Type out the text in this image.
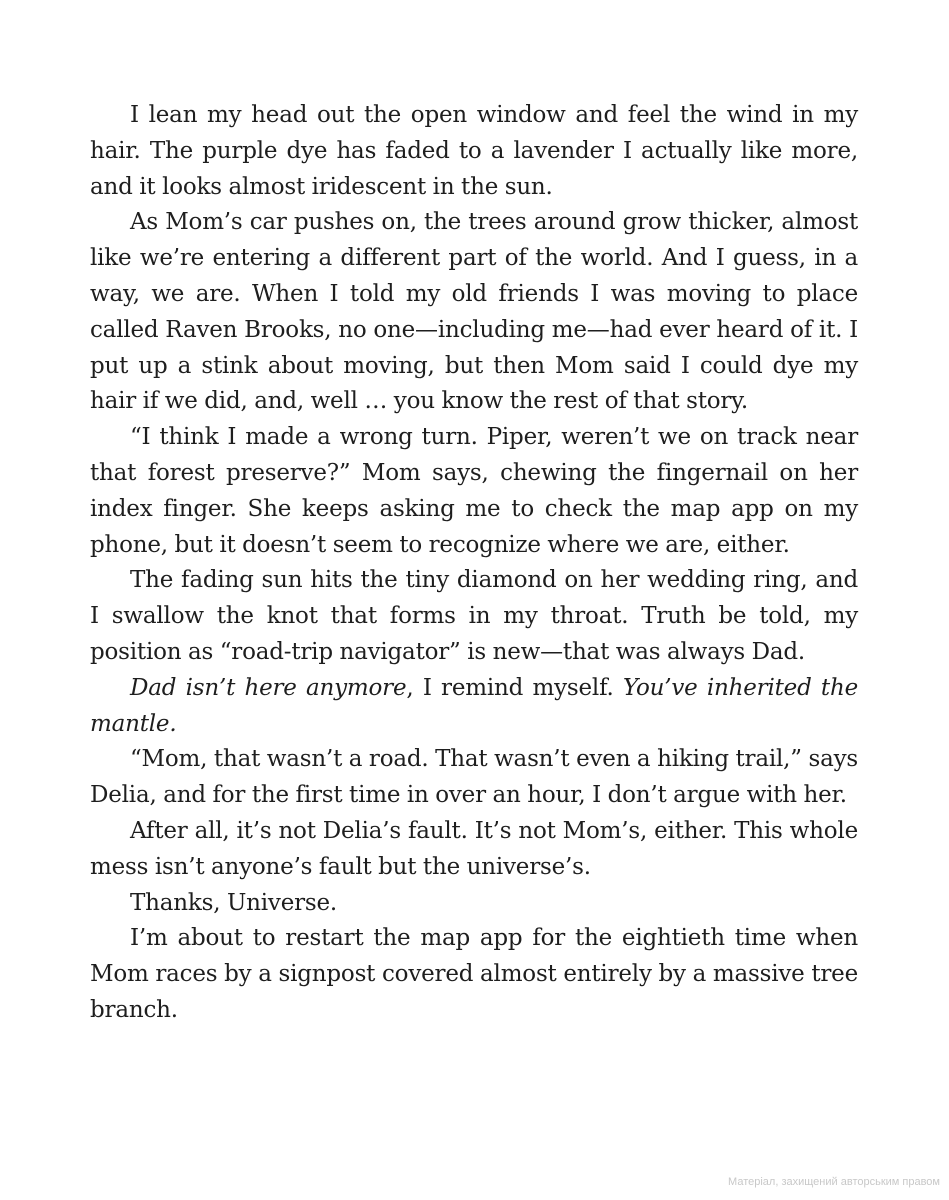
I lean my head out the open window and feel the wind in my hair. The purple dye has faded to a lavender I actually like more, and it looks almost iridescent in the sun.

As Mom’s car pushes on, the trees around grow thicker, almost like we’re entering a different part of the world. And I guess, in a way, we are. When I told my old friends I was moving to place called Raven Brooks, no one—including me—had ever heard of it. I put up a stink about moving, but then Mom said I could dye my hair if we did, and, well … you know the rest of that story.

“I think I made a wrong turn. Piper, weren’t we on track near that forest preserve?” Mom says, chewing the fingernail on her index finger. She keeps asking me to check the map app on my phone, but it doesn’t seem to recognize where we are, either.

The fading sun hits the tiny diamond on her wedding ring, and I swallow the knot that forms in my throat. Truth be told, my position as “road-trip navigator” is new—that was always Dad.

Dad isn’t here anymore, I remind myself. You’ve inherited the mantle.

“Mom, that wasn’t a road. That wasn’t even a hiking trail,” says Delia, and for the first time in over an hour, I don’t argue with her.

After all, it’s not Delia’s fault. It’s not Mom’s, either. This whole mess isn’t anyone’s fault but the universe’s.

Thanks, Universe.

I’m about to restart the map app for the eightieth time when Mom races by a signpost covered almost entirely by a massive tree branch.

Матеріал, захищений авторським правом
